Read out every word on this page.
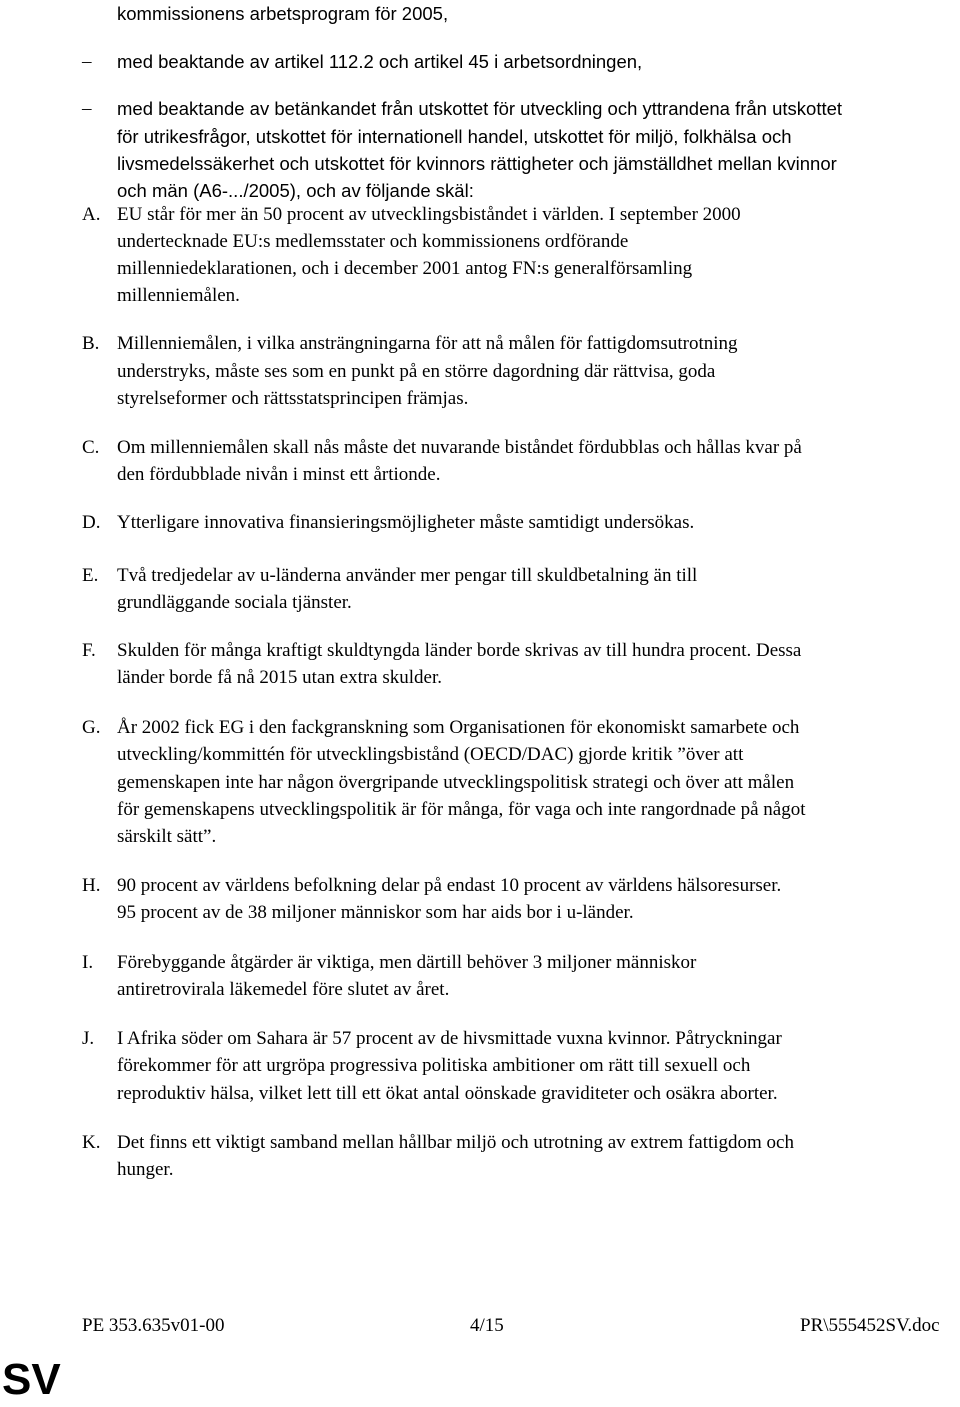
kommissionens arbetsprogram för 2005,
– med beaktande av artikel 112.2 och artikel 45 i arbetsordningen,
– med beaktande av betänkandet från utskottet för utveckling och yttrandena från utskottet
för utrikesfrågor, utskottet för internationell handel, utskottet för miljö, folkhälsa och
livsmedelssäkerhet och utskottet för kvinnors rättigheter och jämställdhet mellan kvinnor
och män (A6-.../2005), och av följande skäl:
A. EU står för mer än 50 procent av utvecklingsbiståndet i världen. I september 2000
undertecknade EU:s medlemsstater och kommissionens ordförande
millenniedeklarationen, och i december 2001 antog FN:s generalförsamling
millenniemålen.
B. Millenniemålen, i vilka ansträngningarna för att nå målen för fattigdomsutrotning
understryks, måste ses som en punkt på en större dagordning där rättvisa, goda
styrelseformer och rättsstatsprincipen främjas.
C. Om millenniemålen skall nås måste det nuvarande biståndet fördubblas och hållas kvar på
den fördubblade nivån i minst ett årtionde.
D. Ytterligare innovativa finansieringsmöjligheter måste samtidigt undersökas.
E. Två tredjedelar av u-länderna använder mer pengar till skuldbetalning än till
grundläggande sociala tjänster.
F. Skulden för många kraftigt skuldtyngda länder borde skrivas av till hundra procent. Dessa
länder borde få nå 2015 utan extra skulder.
G. År 2002 fick EG i den fackgranskning som Organisationen för ekonomiskt samarbete och
utveckling/kommittén för utvecklingsbistånd (OECD/DAC) gjorde kritik ”över att
gemenskapen inte har någon övergripande utvecklingspolitisk strategi och över att målen
för gemenskapens utvecklingspolitik är för många, för vaga och inte rangordnade på något
särskilt sätt”.
H. 90 procent av världens befolkning delar på endast 10 procent av världens hälsoresurser.
95 procent av de 38 miljoner människor som har aids bor i u-länder.
I. Förebyggande åtgärder är viktiga, men därtill behöver 3 miljoner människor
antiretrovirala läkemedel före slutet av året.
J. I Afrika söder om Sahara är 57 procent av de hivsmittade vuxna kvinnor. Påtryckningar
förekommer för att urgröpa progressiva politiska ambitioner om rätt till sexuell och
reproduktiv hälsa, vilket lett till ett ökat antal oönskade graviditeter och osäkra aborter.
K. Det finns ett viktigt samband mellan hållbar miljö och utrotning av extrem fattigdom och
hunger.
PE 353.635v01-00	4/15	PR\555452SV.doc
SV
